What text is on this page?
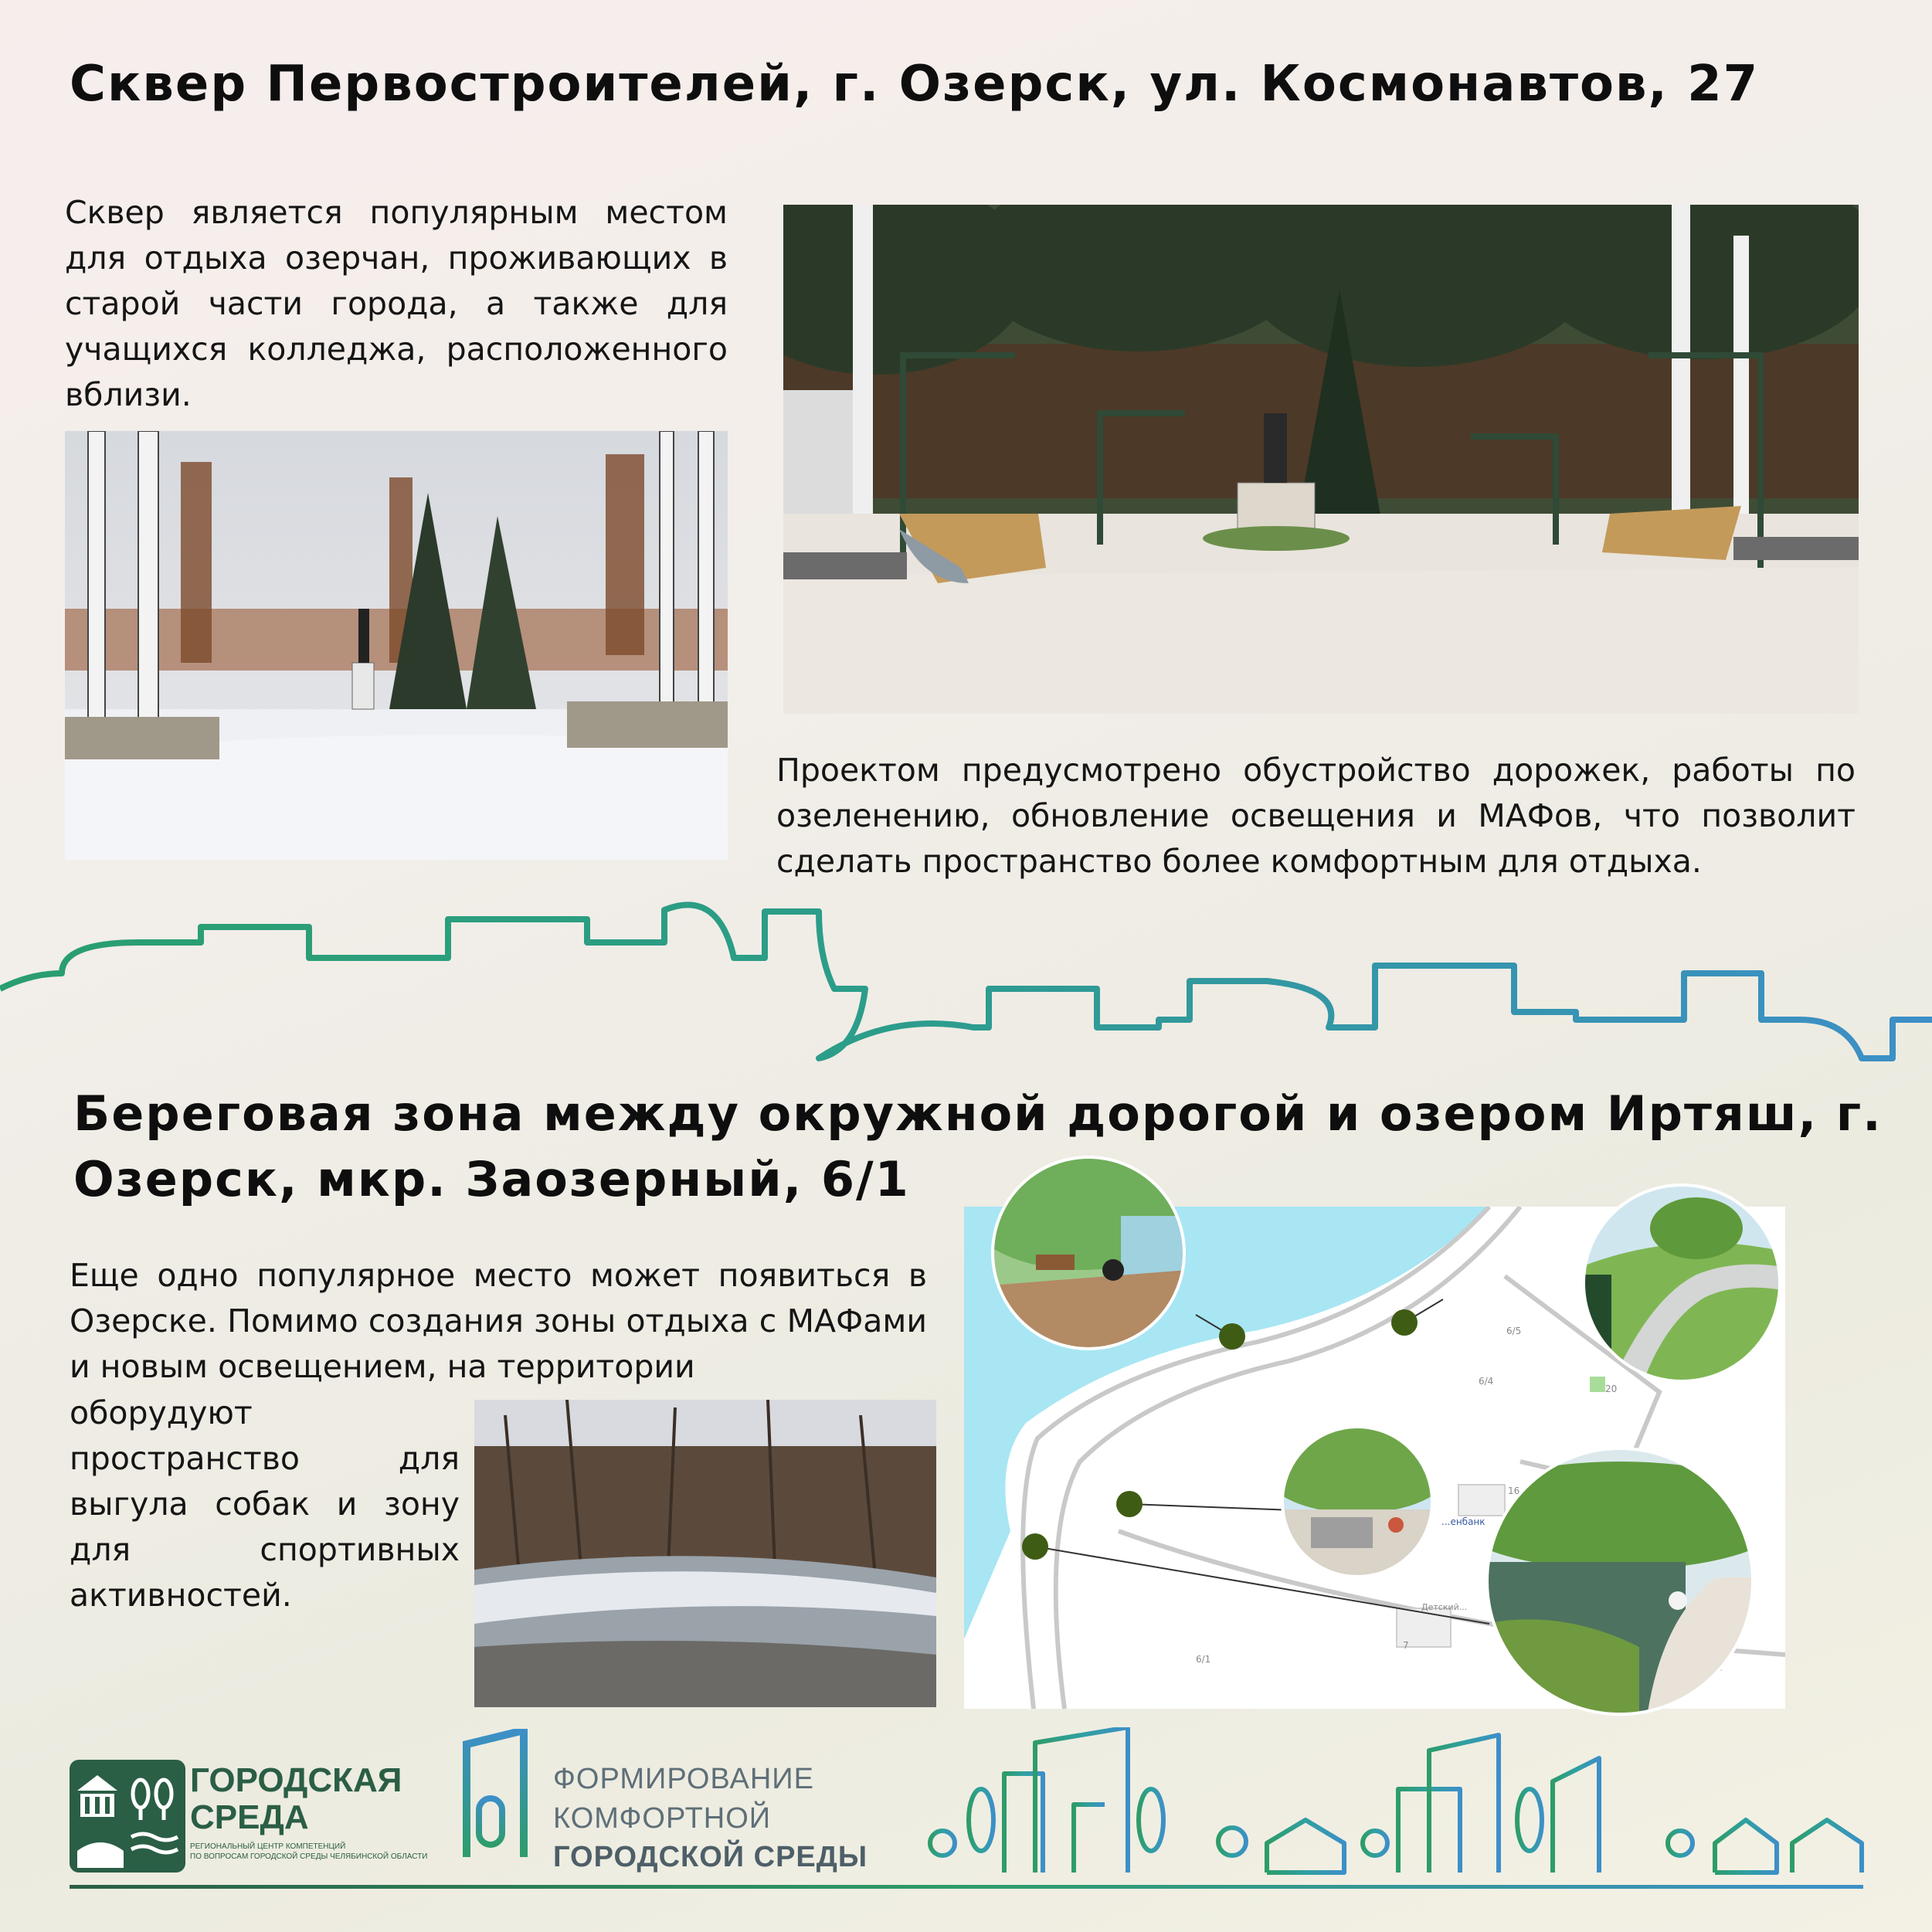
Сквер Первостроителей, г. Озерск, ул. Космонавтов, 27

Сквер является популярным местом для отдыха озерчан, проживающих в старой части города, а также для учащихся колледжа, расположенного вблизи.

Проектом предусмотрено обустройство дорожек, работы по озеленению, обновление освещения и МАФов, что позволит сделать пространство более комфортным для отдыха.

Береговая зона между окружной дорогой и озером Иртяш, г.
Озерск, мкр. Заозерный, 6/1

Еще одно популярное место может появиться в Озерске. Помимо создания зоны отдыха с МАФами и новым освещением, на территории

оборудуют пространство для выгула собак и зону для спортивных активностей.

6/5
6/4
20
16
...енбанк
Детский...
6/1
7
ГОРОДСКАЯ
СРЕДА
РЕГИОНАЛЬНЫЙ ЦЕНТР КОМПЕТЕНЦИЙ
ПО ВОПРОСАМ ГОРОДСКОЙ СРЕДЫ ЧЕЛЯБИНСКОЙ ОБЛАСТИ
ФОРМИРОВАНИЕ
КОМФОРТНОЙ
ГОРОДСКОЙ СРЕДЫ
